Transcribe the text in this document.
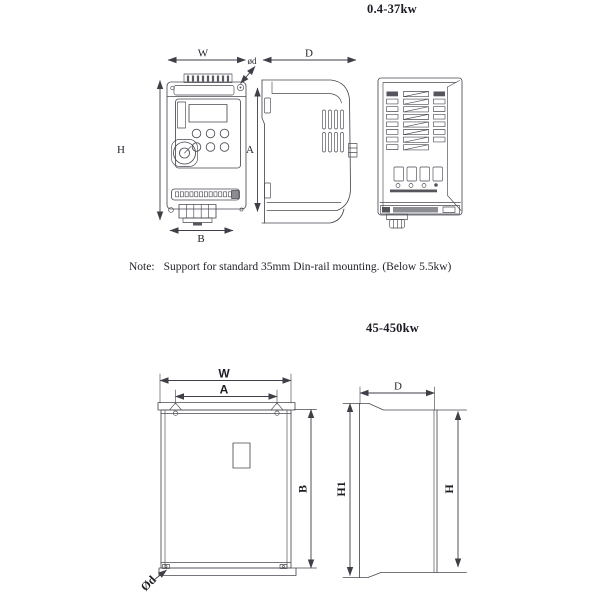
0.4-37kw
45-450kw
Note: Support for standard 35mm Din-rail mounting. (Below 5.5kw)
W
ød
H	A
B
D
W
A
Ød
B H1
D
H
